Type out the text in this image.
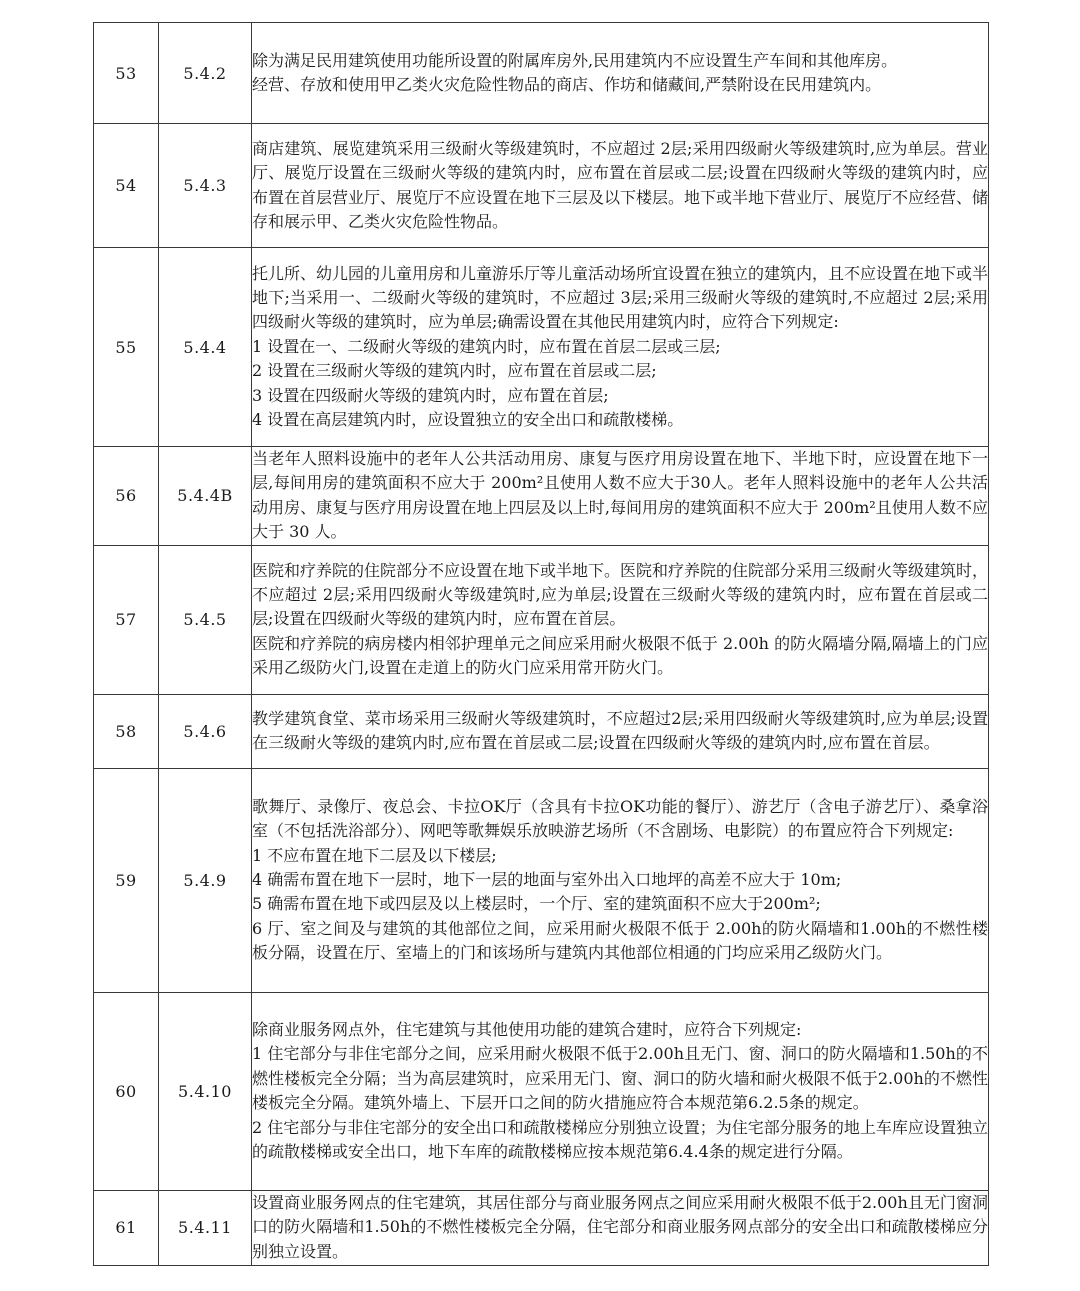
53	5.4.2	除为满足民用建筑使用功能所设置的附属库房外,民用建筑内不应设置生产车间和其他库房。
经营、存放和使用甲乙类火灾危险性物品的商店、作坊和储藏间,严禁附设在民用建筑内。

54	5.4.3	商店建筑、展览建筑采用三级耐火等级建筑时，不应超过 2层;采用四级耐火等级建筑时,应为单层。营业厅、展览厅设置在三级耐火等级的建筑内时，应布置在首层或二层;设置在四级耐火等级的建筑内时，应布置在首层营业厅、展览厅不应设置在地下三层及以下楼层。地下或半地下营业厅、展览厅不应经营、储存和展示甲、乙类火灾危险性物品。

55	5.4.4	托儿所、幼儿园的儿童用房和儿童游乐厅等儿童活动场所宜设置在独立的建筑内，且不应设置在地下或半地下;当采用一、二级耐火等级的建筑时，不应超过 3层;采用三级耐火等级的建筑时,不应超过 2层;采用四级耐火等级的建筑时，应为单层;确需设置在其他民用建筑内时，应符合下列规定:
1 设置在一、二级耐火等级的建筑内时，应布置在首层二层或三层;
2 设置在三级耐火等级的建筑内时，应布置在首层或二层;
3 设置在四级耐火等级的建筑内时，应布置在首层;
4 设置在高层建筑内时，应设置独立的安全出口和疏散楼梯。

56	5.4.4B	当老年人照料设施中的老年人公共活动用房、康复与医疗用房设置在地下、半地下时，应设置在地下一层,每间用房的建筑面积不应大于 200m²且使用人数不应大于30人。老年人照料设施中的老年人公共活动用房、康复与医疗用房设置在地上四层及以上时,每间用房的建筑面积不应大于 200m²且使用人数不应大于 30 人。

57	5.4.5	医院和疗养院的住院部分不应设置在地下或半地下。医院和疗养院的住院部分采用三级耐火等级建筑时，不应超过 2层;采用四级耐火等级建筑时,应为单层;设置在三级耐火等级的建筑内时，应布置在首层或二层;设置在四级耐火等级的建筑内时，应布置在首层。
医院和疗养院的病房楼内相邻护理单元之间应采用耐火极限不低于 2.00h 的防火隔墙分隔,隔墙上的门应采用乙级防火门,设置在走道上的防火门应采用常开防火门。

58	5.4.6	教学建筑食堂、菜市场采用三级耐火等级建筑时，不应超过2层;采用四级耐火等级建筑时,应为单层;设置在三级耐火等级的建筑内时,应布置在首层或二层;设置在四级耐火等级的建筑内时,应布置在首层。

59	5.4.9	歌舞厅、录像厅、夜总会、卡拉OK厅（含具有卡拉OK功能的餐厅）、游艺厅（含电子游艺厅）、桑拿浴室（不包括洗浴部分）、网吧等歌舞娱乐放映游艺场所（不含剧场、电影院）的布置应符合下列规定:
1 不应布置在地下二层及以下楼层;
4 确需布置在地下一层时，地下一层的地面与室外出入口地坪的高差不应大于 10m;
5 确需布置在地下或四层及以上楼层时，一个厅、室的建筑面积不应大于200m²;
6 厅、室之间及与建筑的其他部位之间，应采用耐火极限不低于 2.00h的防火隔墙和1.00h的不燃性楼板分隔，设置在厅、室墙上的门和该场所与建筑内其他部位相通的门均应采用乙级防火门。

60	5.4.10	除商业服务网点外，住宅建筑与其他使用功能的建筑合建时，应符合下列规定:
1 住宅部分与非住宅部分之间，应采用耐火极限不低于2.00h且无门、窗、洞口的防火隔墙和1.50h的不燃性楼板完全分隔；当为高层建筑时，应采用无门、窗、洞口的防火墙和耐火极限不低于2.00h的不燃性楼板完全分隔。建筑外墙上、下层开口之间的防火措施应符合本规范第6.2.5条的规定。
2 住宅部分与非住宅部分的安全出口和疏散楼梯应分别独立设置；为住宅部分服务的地上车库应设置独立的疏散楼梯或安全出口，地下车库的疏散楼梯应按本规范第6.4.4条的规定进行分隔。

61	5.4.11	设置商业服务网点的住宅建筑，其居住部分与商业服务网点之间应采用耐火极限不低于2.00h且无门窗洞口的防火隔墙和1.50h的不燃性楼板完全分隔，住宅部分和商业服务网点部分的安全出口和疏散楼梯应分别独立设置。
